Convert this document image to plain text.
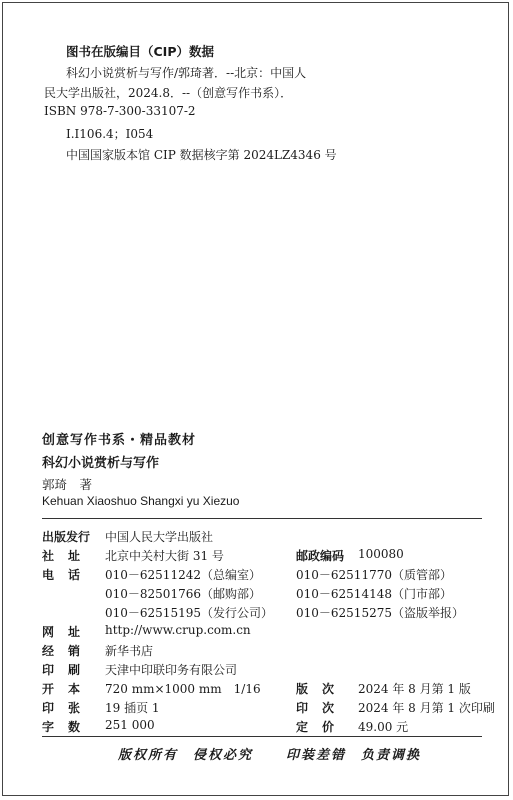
图书在版编目（CIP）数据
科幻小说赏析与写作/郭琦著．--北京：中国人
民大学出版社，2024.8．--（创意写作书系）．
ISBN 978-7-300-33107-2
Ⅰ.I106.4；I054
中国国家版本馆 CIP 数据核字第 2024LZ4346 号
创意写作书系・精品教材
科幻小说赏析与写作
郭琦　著
Kehuan Xiaoshuo Shangxi yu Xiezuo
出版发行 中国人民大学出版社
社址 北京中关村大街 31 号	邮政编码 100080
电话 010－62511242（总编室）	010－62511770（质管部）
010－82501766（邮购部）	010－62514148（门市部）
010－62515195（发行公司） 010－62515275（盗版举报）
网址 http://www.crup.com.cn
经销 新华书店
印刷 天津中印联印务有限公司
开本 720 mm×1000 mm　1/16	版次 2024 年 8 月第 1 版
印张 19 插页 1	印次 2024 年 8 月第 1 次印刷
字数 251 000	定价 49.00 元
版权所有　侵权必究	印装差错　负责调换
